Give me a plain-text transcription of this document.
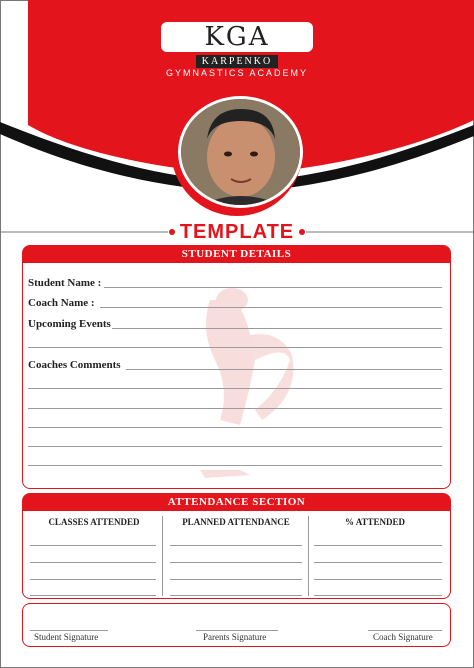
KGA
KARPENKO
GYMNASTICS ACADEMY
TEMPLATE
STUDENT DETAILS
Student Name :
Coach Name :
Upcoming Events
Coaches Comments
ATTENDANCE SECTION
CLASSES ATTENDED	PLANNED ATTENDANCE	% ATTENDED
Student Signature	Parents Signature	Coach Signature
